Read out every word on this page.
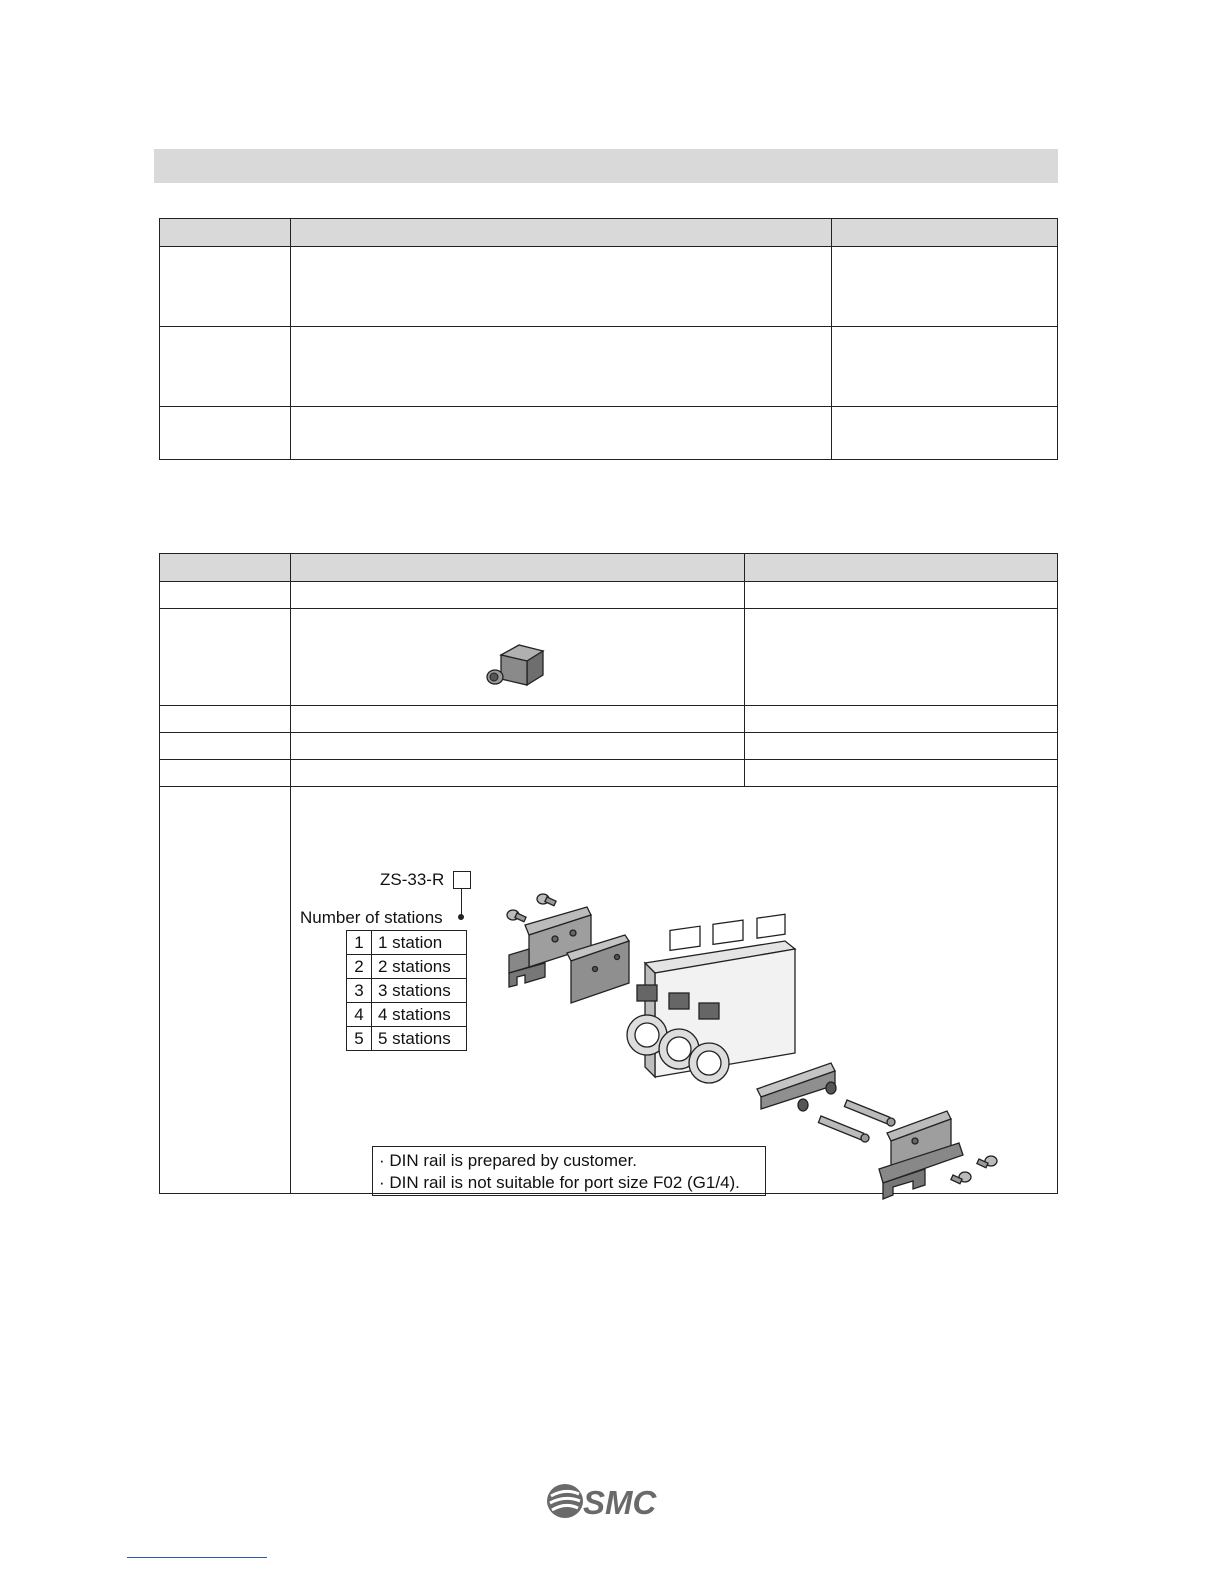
ZS-33-R
Number of stations
1	1 station
2	2 stations
3	3 stations
4	4 stations
5	5 stations
· DIN rail is prepared by customer.
· DIN rail is not suitable for port size F02 (G1/4).
SMC
